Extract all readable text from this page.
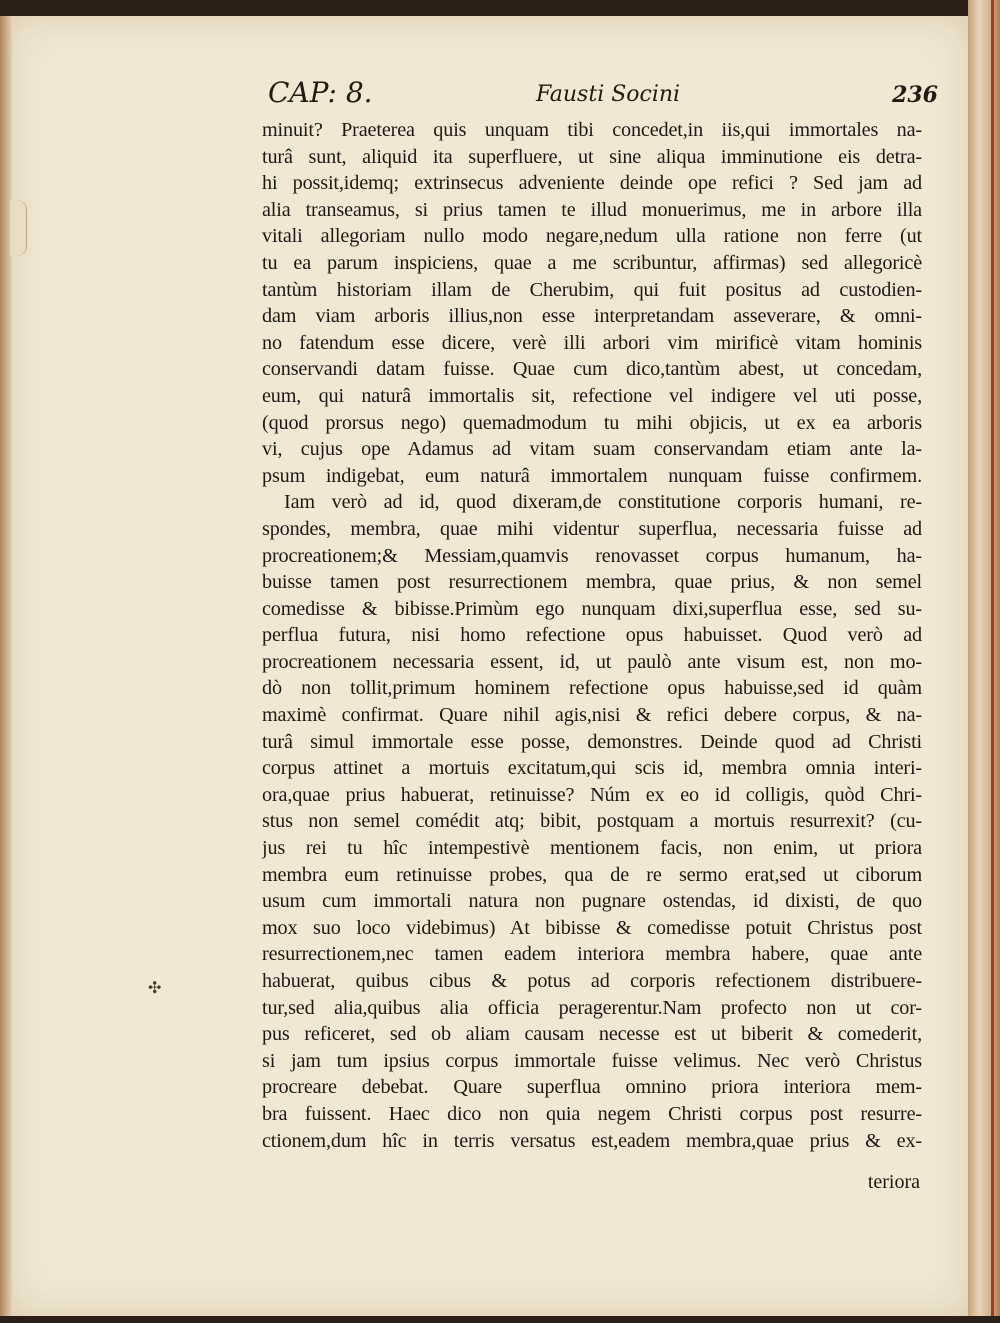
CAP: 8.	Fausti Socini	236
minuit? Praeterea quis unquam tibi concedet,in iis,qui immortales na-
turâ sunt, aliquid ita superfluere, ut sine aliqua imminutione eis detra-
hi possit,idemq; extrinsecus adveniente deinde ope refici ? Sed jam ad
alia transeamus, si prius tamen te illud monuerimus, me in arbore illa
vitali allegoriam nullo modo negare,nedum ulla ratione non ferre (ut
tu ea parum inspiciens, quae a me scribuntur, affirmas) sed allegoricè
tantùm historiam illam de Cherubim, qui fuit positus ad custodien-
dam viam arboris illius,non esse interpretandam asseverare, & omni-
no fatendum esse dicere, verè illi arbori vim mirificè vitam hominis
conservandi datam fuisse. Quae cum dico,tantùm abest, ut concedam,
eum, qui naturâ immortalis sit, refectione vel indigere vel uti posse,
(quod prorsus nego) quemadmodum tu mihi objicis, ut ex ea arboris
vi, cujus ope Adamus ad vitam suam conservandam etiam ante la-
psum indigebat, eum naturâ immortalem nunquam fuisse confirmem.
Iam verò ad id, quod dixeram,de constitutione corporis humani, re-
spondes, membra, quae mihi videntur superflua, necessaria fuisse ad
procreationem;& Messiam,quamvis renovasset corpus humanum, ha-
buisse tamen post resurrectionem membra, quae prius, & non semel
comedisse & bibisse.Primùm ego nunquam dixi,superflua esse, sed su-
perflua futura, nisi homo refectione opus habuisset. Quod verò ad
procreationem necessaria essent, id, ut paulò ante visum est, non mo-
dò non tollit,primum hominem refectione opus habuisse,sed id quàm
maximè confirmat. Quare nihil agis,nisi & refici debere corpus, & na-
turâ simul immortale esse posse, demonstres. Deinde quod ad Christi
corpus attinet a mortuis excitatum,qui scis id, membra omnia interi-
ora,quae prius habuerat, retinuisse? Núm ex eo id colligis, quòd Chri-
stus non semel comédit atq; bibit, postquam a mortuis resurrexit? (cu-
jus rei tu hîc intempestivè mentionem facis, non enim, ut priora
membra eum retinuisse probes, qua de re sermo erat,sed ut ciborum
usum cum immortali natura non pugnare ostendas, id dixisti, de quo
mox suo loco videbimus) At bibisse & comedisse potuit Christus post
resurrectionem,nec tamen eadem interiora membra habere, quae ante
habuerat, quibus cibus & potus ad corporis refectionem distribuere-
tur,sed alia,quibus alia officia peragerentur.Nam profecto non ut cor-
pus reficeret, sed ob aliam causam necesse est ut biberit & comederit,
si jam tum ipsius corpus immortale fuisse velimus. Nec verò Christus
procreare debebat. Quare superflua omnino priora interiora mem-
bra fuissent. Haec dico non quia negem Christi corpus post resurre-
ctionem,dum hîc in terris versatus est,eadem membra,quae prius & ex-
teriora
✣
